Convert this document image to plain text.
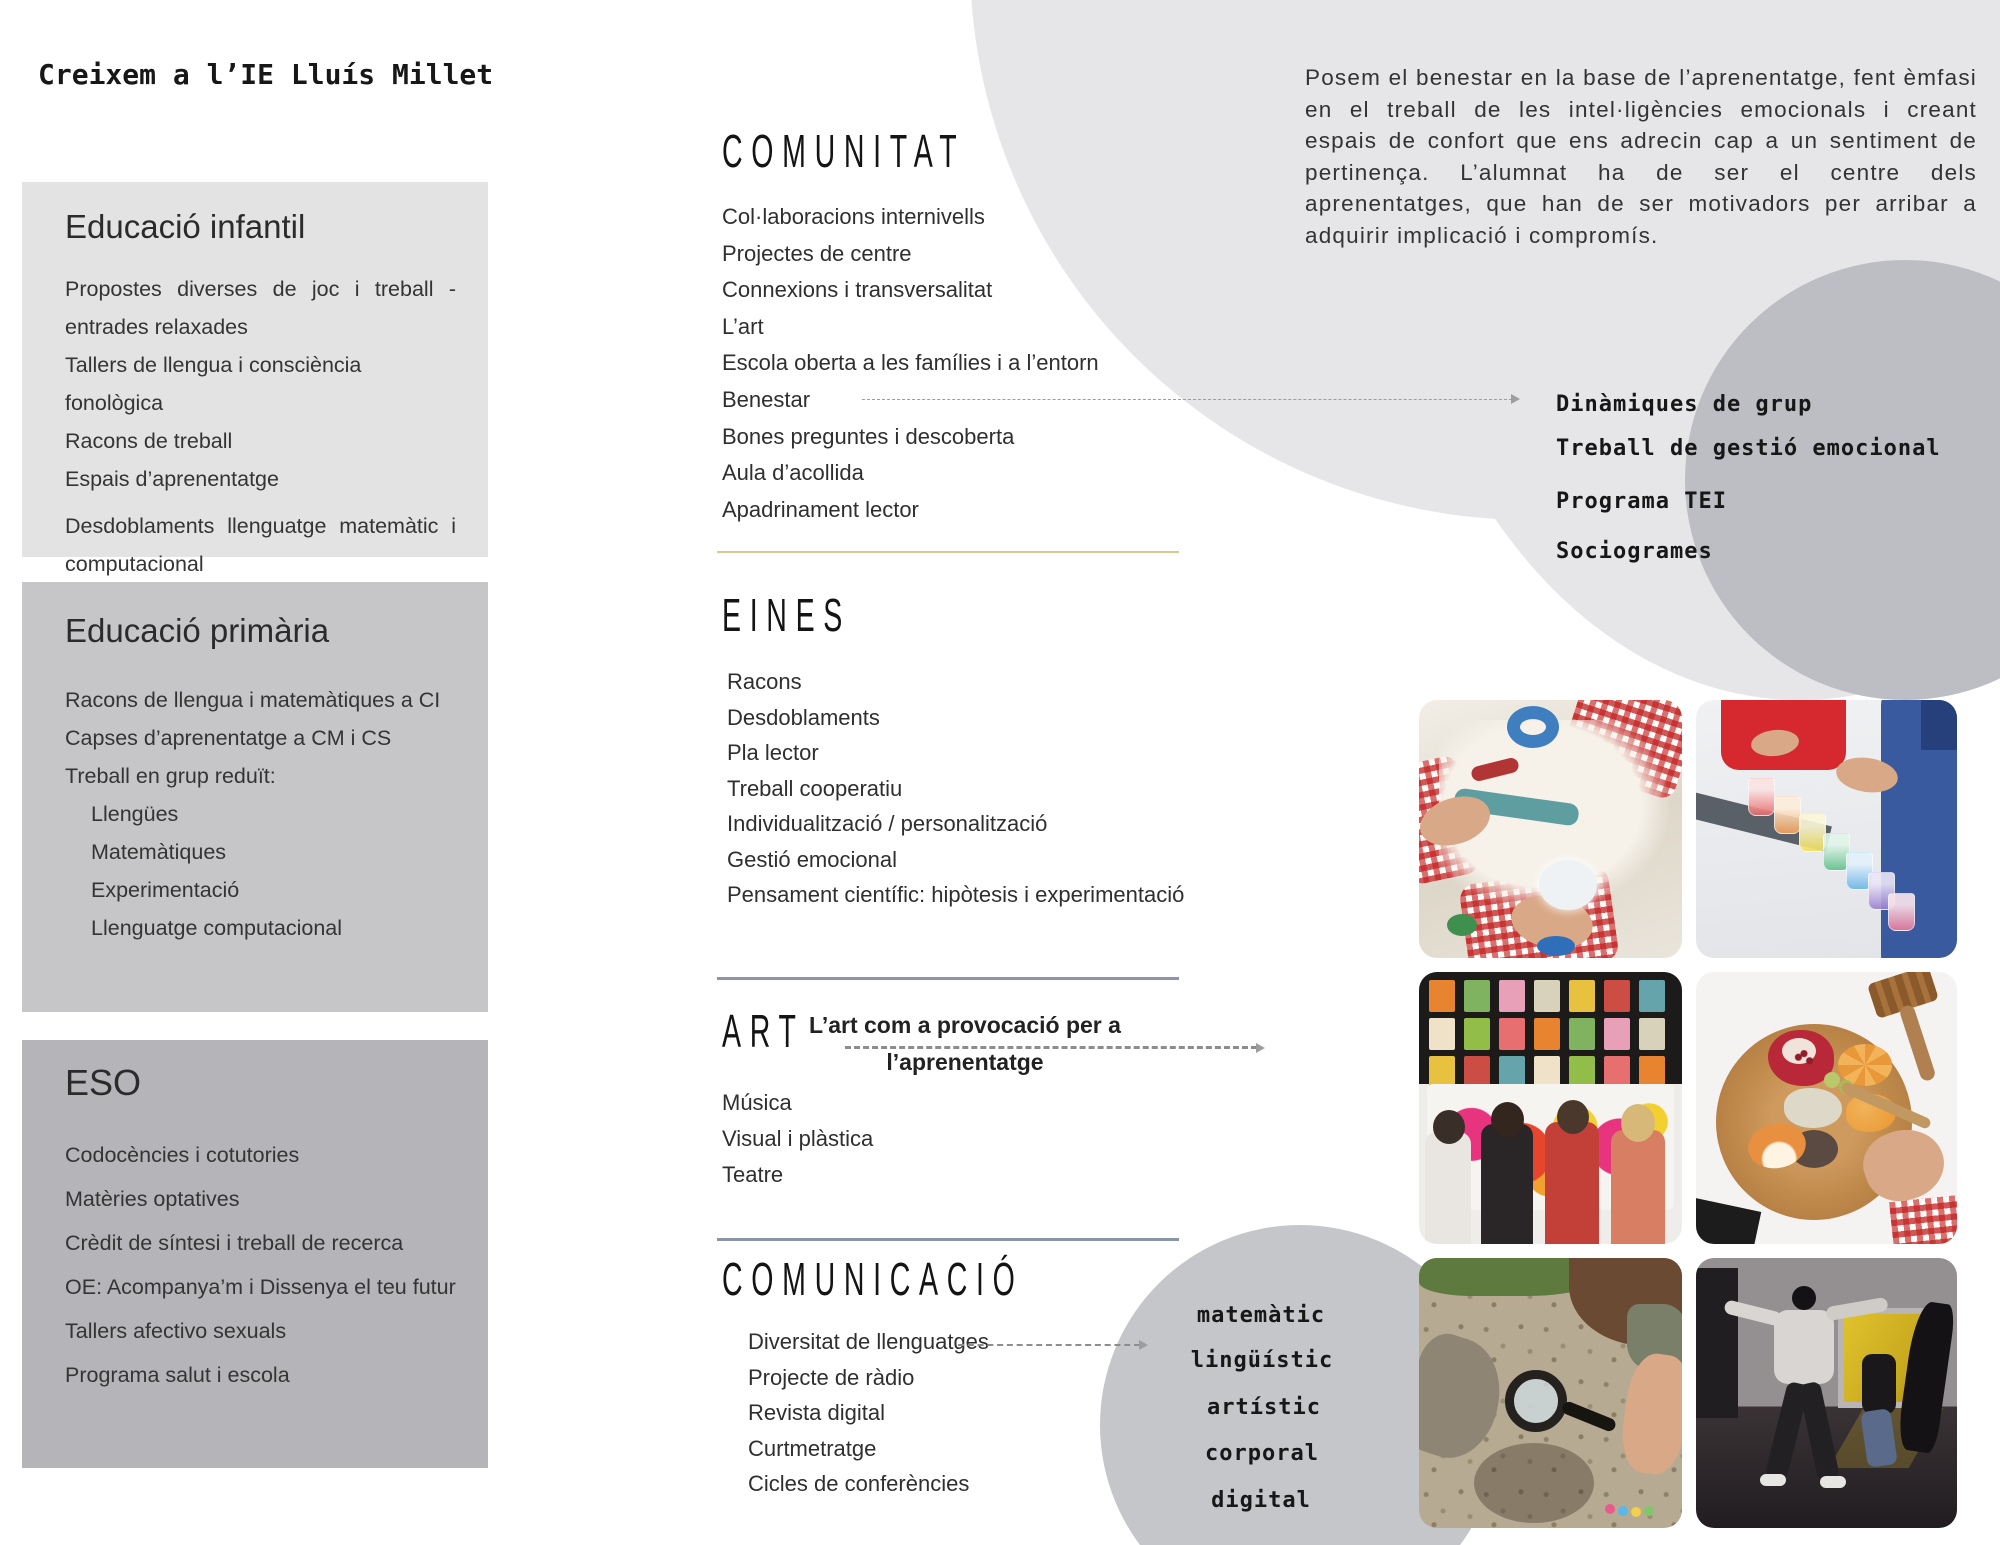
Creixem a l’IE Lluís Millet
Educació infantil
Propostes diverses de joc i treball - entrades relaxades
Tallers de llengua i consciència fonològica
Racons de treball
Espais d’aprenentatge
Desdoblaments llenguatge matemàtic i computacional
Educació primària
Racons de llengua i matemàtiques a CI
Capses d’aprenentatge a CM i CS
Treball en grup reduït:
Llengües
Matemàtiques
Experimentació
Llenguatge computacional
ESO
Codocències i cotutories
Matèries optatives
Crèdit de síntesi i treball de recerca
OE: Acompanya’m i Dissenya el teu futur
Tallers afectivo sexuals
Programa salut i escola
COMUNITAT
Col·laboracions internivells
Projectes de centre
Connexions i transversalitat
L’art
Escola oberta a les famílies i a l’entorn
Benestar
Bones preguntes i descoberta
Aula d’acollida
Apadrinament lector
EINES
Racons
Desdoblaments
Pla lector
Treball cooperatiu
Individualització / personalització
Gestió emocional
Pensament científic: hipòtesis i experimentació
ART L’art com a provocació per a
l’aprenentatge
Música
Visual i plàstica
Teatre
COMUNICACIÓ
Diversitat de llenguatges
Projecte de ràdio
Revista digital
Curtmetratge
Cicles de conferències
Posem el benestar en la base de l’aprenentatge, fent èmfasi en el treball de les intel·ligències emocionals i creant espais de confort que ens adrecin cap a un sentiment de pertinença. L’alumnat ha de ser el centre dels aprenentatges, que han de ser motivadors per arribar a adquirir implicació i compromís.
Dinàmiques de grup
Treball de gestió emocional
Programa TEI
Sociogrames
matemàtic
lingüístic
artístic
corporal
digital
